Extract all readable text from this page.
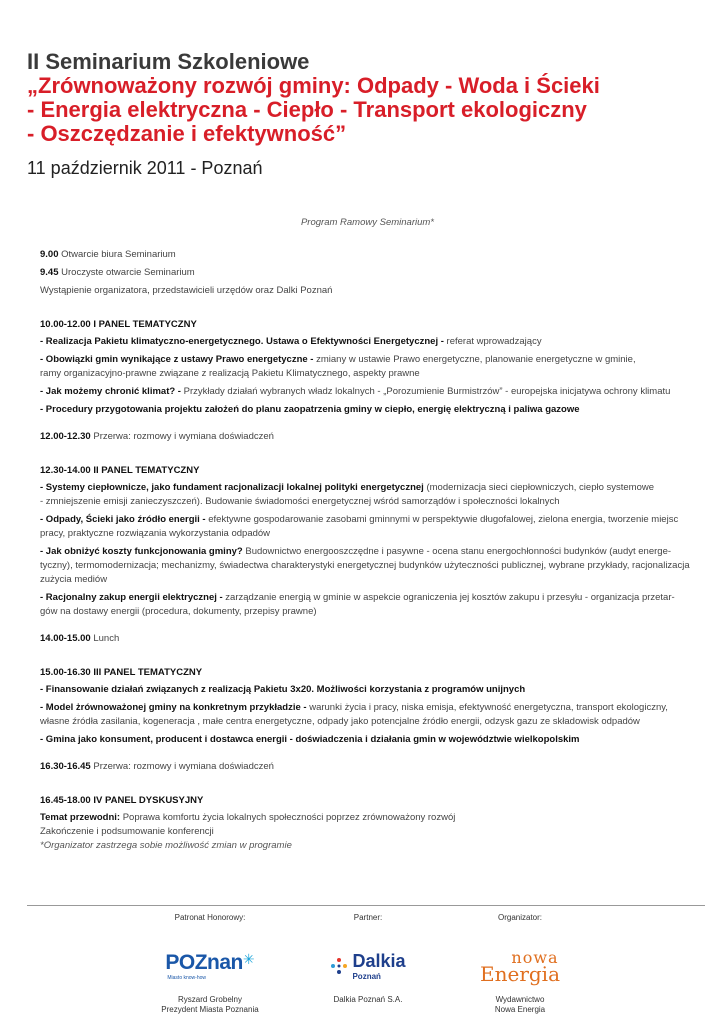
II Seminarium Szkoleniowe
„Zrównoważony rozwój gminy: Odpady - Woda i Ścieki
- Energia elektryczna - Ciepło - Transport ekologiczny
- Oszczędzanie i efektywność”
11 październik 2011 - Poznań
Program Ramowy Seminarium*
9.00 Otwarcie biura Seminarium
9.45 Uroczyste otwarcie Seminarium
Wystąpienie organizatora, przedstawicieli urzędów oraz Dalki Poznań
10.00-12.00 I PANEL TEMATYCZNY
- Realizacja Pakietu klimatyczno-energetycznego. Ustawa o Efektywności Energetycznej - referat wprowadzający
- Obowiązki gmin wynikające z ustawy Prawo energetyczne - zmiany w ustawie Prawo energetyczne, planowanie energetyczne w gminie,
ramy organizacyjno-prawne związane z realizacją Pakietu Klimatycznego, aspekty prawne
- Jak możemy chronić klimat? - Przykłady działań wybranych władz lokalnych - „Porozumienie Burmistrzów” - europejska inicjatywa ochrony klimatu
- Procedury przygotowania projektu założeń do planu zaopatrzenia gminy w ciepło, energię elektryczną i paliwa gazowe
12.00-12.30 Przerwa: rozmowy i wymiana doświadczeń
12.30-14.00 II PANEL TEMATYCZNY
- Systemy ciepłownicze, jako fundament racjonalizacji lokalnej polityki energetycznej (modernizacja sieci ciepłowniczych, ciepło systemowe
- zmniejszenie emisji zanieczyszczeń). Budowanie świadomości energetycznej wśród samorządów i społeczności lokalnych
- Odpady, Ścieki jako źródło energii - efektywne gospodarowanie zasobami gminnymi w perspektywie długofalowej, zielona energia, tworzenie miejsc
pracy, praktyczne rozwiązania wykorzystania odpadów
- Jak obniżyć koszty funkcjonowania gminy? Budownictwo energooszczędne i pasywne - ocena stanu energochłonności budynków (audyt energe-
tyczny), termomodernizacja; mechanizmy, świadectwa charakterystyki energetycznej budynków użyteczności publicznej, wybrane przykłady, racjonalizacja
zużycia mediów
- Racjonalny zakup energii elektrycznej - zarządzanie energią w gminie w aspekcie ograniczenia jej kosztów zakupu i przesyłu - organizacja przetar-
gów na dostawy energii (procedura, dokumenty, przepisy prawne)
14.00-15.00 Lunch
15.00-16.30 III PANEL TEMATYCZNY
- Finansowanie działań związanych z realizacją Pakietu 3x20. Możliwości korzystania z programów unijnych
- Model żrównoważonej gminy na konkretnym przykładzie - warunki życia i pracy, niska emisja, efektywność energetyczna, transport ekologiczny,
własne źródła zasilania, kogeneracja , małe centra energetyczne, odpady jako potencjalne źródło energii, odzysk gazu ze składowisk odpadów
- Gmina jako konsument, producent i dostawca energii - doświadczenia i działania gmin w województwie wielkopolskim
16.30-16.45 Przerwa: rozmowy i wymiana doświadczeń
16.45-18.00 IV PANEL DYSKUSYJNY
Temat przewodni: Poprawa komfortu życia lokalnych społeczności poprzez zrównoważony rozwój
Zakończenie i podsumowanie konferencji
*Organizator zastrzega sobie możliwość zmian w programie
Patronat Honorowy:
POZnan✳
Miasto know-how
Ryszard Grobelny
Prezydent Miasta Poznania
Partner:
Dalkia
Poznań
Dalkia Poznań S.A.
Organizator:
nowa
Energia
Wydawnictwo
Nowa Energia
